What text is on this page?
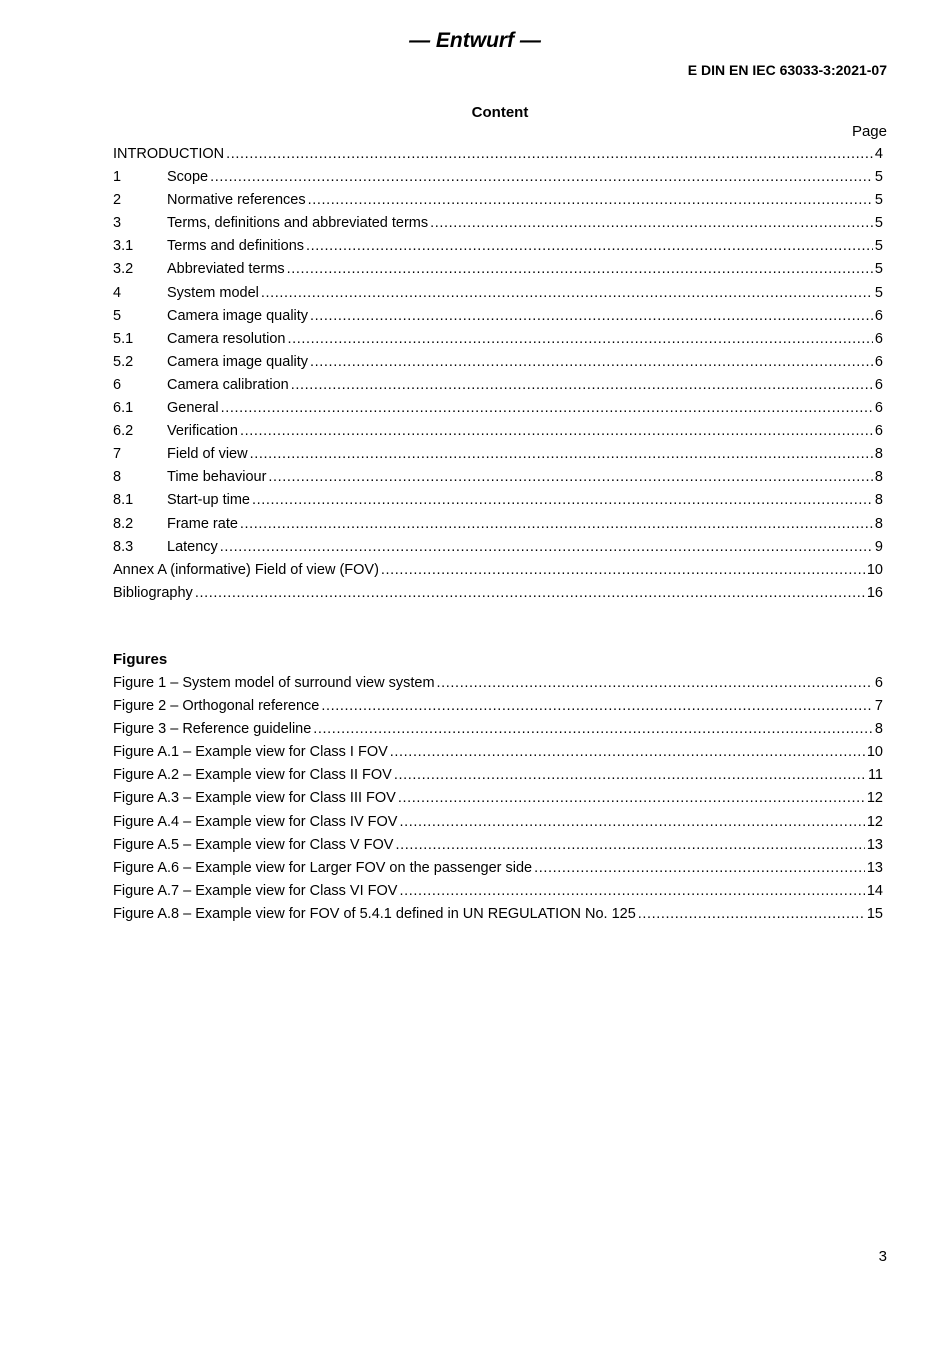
— Entwurf —
E DIN EN IEC 63033-3:2021-07
Content
Page
INTRODUCTION .....	4
1	Scope .....	5
2	Normative references .....	5
3	Terms, definitions and abbreviated terms .....	5
3.1	Terms and definitions .....	5
3.2	Abbreviated terms .....	5
4	System model .....	5
5	Camera image quality .....	6
5.1	Camera resolution .....	6
5.2	Camera image quality .....	6
6	Camera calibration .....	6
6.1	General .....	6
6.2	Verification .....	6
7	Field of view .....	8
8	Time behaviour .....	8
8.1	Start-up time .....	8
8.2	Frame rate .....	8
8.3	Latency .....	9
Annex A (informative) Field of view (FOV) .....	10
Bibliography .....	16
Figures
Figure 1 – System model of surround view system .....	6
Figure 2 – Orthogonal reference .....	7
Figure 3 – Reference guideline .....	8
Figure A.1 – Example view for Class I FOV .....	10
Figure A.2 – Example view for Class II FOV .....	11
Figure A.3 – Example view for Class III FOV .....	12
Figure A.4 – Example view for Class IV FOV .....	12
Figure A.5 – Example view for Class V FOV .....	13
Figure A.6 – Example view for Larger FOV on the passenger side .....	13
Figure A.7 – Example view for Class VI FOV .....	14
Figure A.8 – Example view for FOV of 5.4.1 defined in UN REGULATION No. 125 .....	15
3
